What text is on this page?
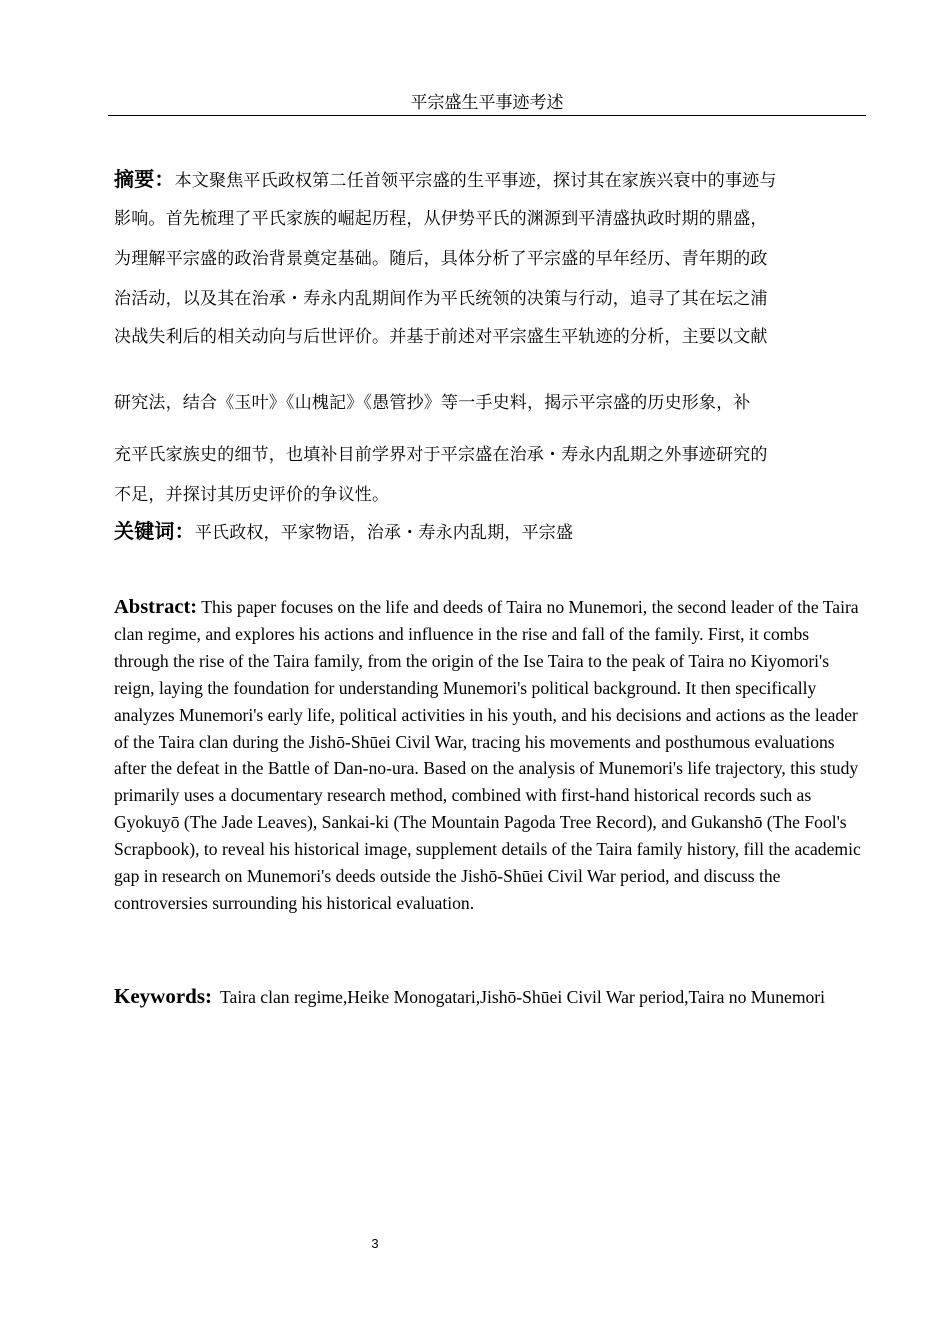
平宗盛生平事迹考述
摘要：本文聚焦平氏政权第二任首领平宗盛的生平事迹，探讨其在家族兴衰中的事迹与
影响。首先梳理了平氏家族的崛起历程，从伊势平氏的渊源到平清盛执政时期的鼎盛，
为理解平宗盛的政治背景奠定基础。随后，具体分析了平宗盛的早年经历、青年期的政
治活动，以及其在治承・寿永内乱期间作为平氏统领的决策与行动，追寻了其在坛之浦
决战失利后的相关动向与后世评价。并基于前述对平宗盛生平轨迹的分析，主要以文献
研究法，结合《玉叶》《山槐記》《愚管抄》等一手史料，揭示平宗盛的历史形象，补
充平氏家族史的细节，也填补目前学界对于平宗盛在治承・寿永内乱期之外事迹研究的
不足，并探讨其历史评价的争议性。
关键词：平氏政权，平家物语，治承・寿永内乱期，平宗盛
Abstract: This paper focuses on the life and deeds of Taira no Munemori, the second leader of the Taira clan regime, and explores his actions and influence in the rise and fall of the family. First, it combs through the rise of the Taira family, from the origin of the Ise Taira to the peak of Taira no Kiyomori's reign, laying the foundation for understanding Munemori's political background. It then specifically analyzes Munemori's early life, political activities in his youth, and his decisions and actions as the leader of the Taira clan during the Jishō-Shūei Civil War, tracing his movements and posthumous evaluations after the defeat in the Battle of Dan-no-ura. Based on the analysis of Munemori's life trajectory, this study primarily uses a documentary research method, combined with first-hand historical records such as Gyokuyō (The Jade Leaves), Sankai-ki (The Mountain Pagoda Tree Record), and Gukanshō (The Fool's Scrapbook), to reveal his historical image, supplement details of the Taira family history, fill the academic gap in research on Munemori's deeds outside the Jishō-Shūei Civil War period, and discuss the controversies surrounding his historical evaluation.
Keywords: Taira clan regime,Heike Monogatari,Jishō-Shūei Civil War period,Taira no Munemori
3
